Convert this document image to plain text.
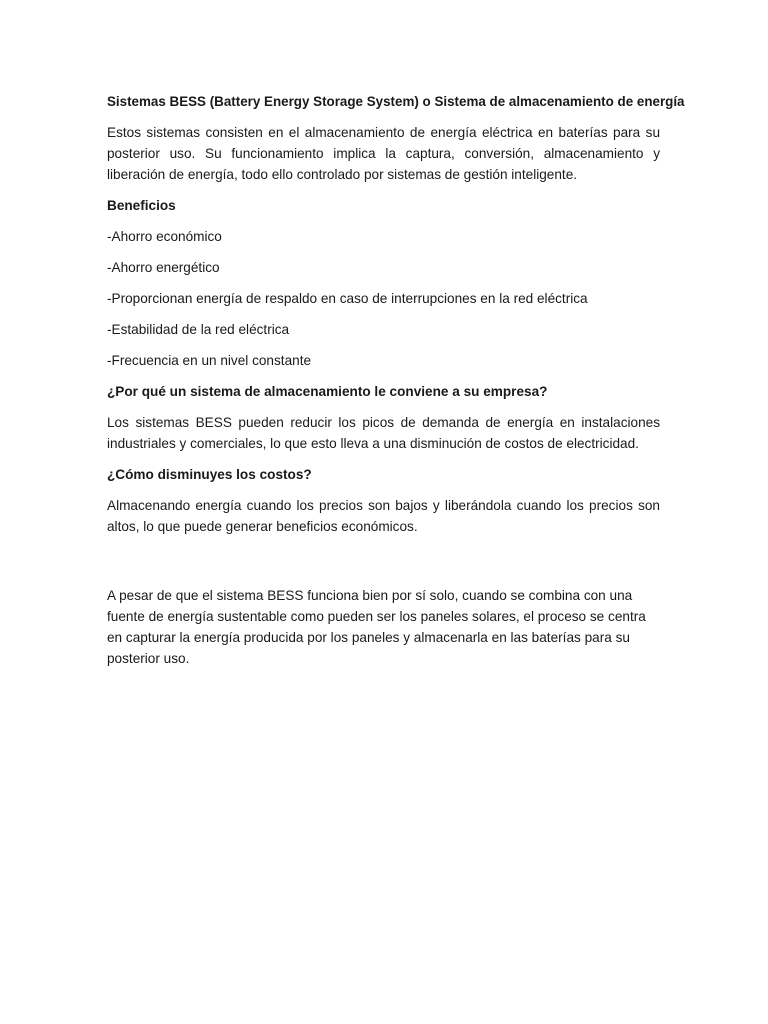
Sistemas BESS (Battery Energy Storage System) o Sistema de almacenamiento de energía

Estos sistemas consisten en el almacenamiento de energía eléctrica en baterías para su posterior uso. Su funcionamiento implica la captura, conversión, almacenamiento y liberación de energía, todo ello controlado por sistemas de gestión inteligente.

Beneficios

-Ahorro económico
-Ahorro energético
-Proporcionan energía de respaldo en caso de interrupciones en la red eléctrica
-Estabilidad de la red eléctrica
-Frecuencia en un nivel constante

¿Por qué un sistema de almacenamiento le conviene a su empresa?

Los sistemas BESS pueden reducir los picos de demanda de energía en instalaciones industriales y comerciales, lo que esto lleva a una disminución de costos de electricidad.

¿Cómo disminuyes los costos?

Almacenando energía cuando los precios son bajos y liberándola cuando los precios son altos, lo que puede generar beneficios económicos.

A pesar de que el sistema BESS funciona bien por sí solo, cuando se combina con una
fuente de energía sustentable como pueden ser los paneles solares, el proceso se centra
en capturar la energía producida por los paneles y almacenarla en las baterías para su
posterior uso.
